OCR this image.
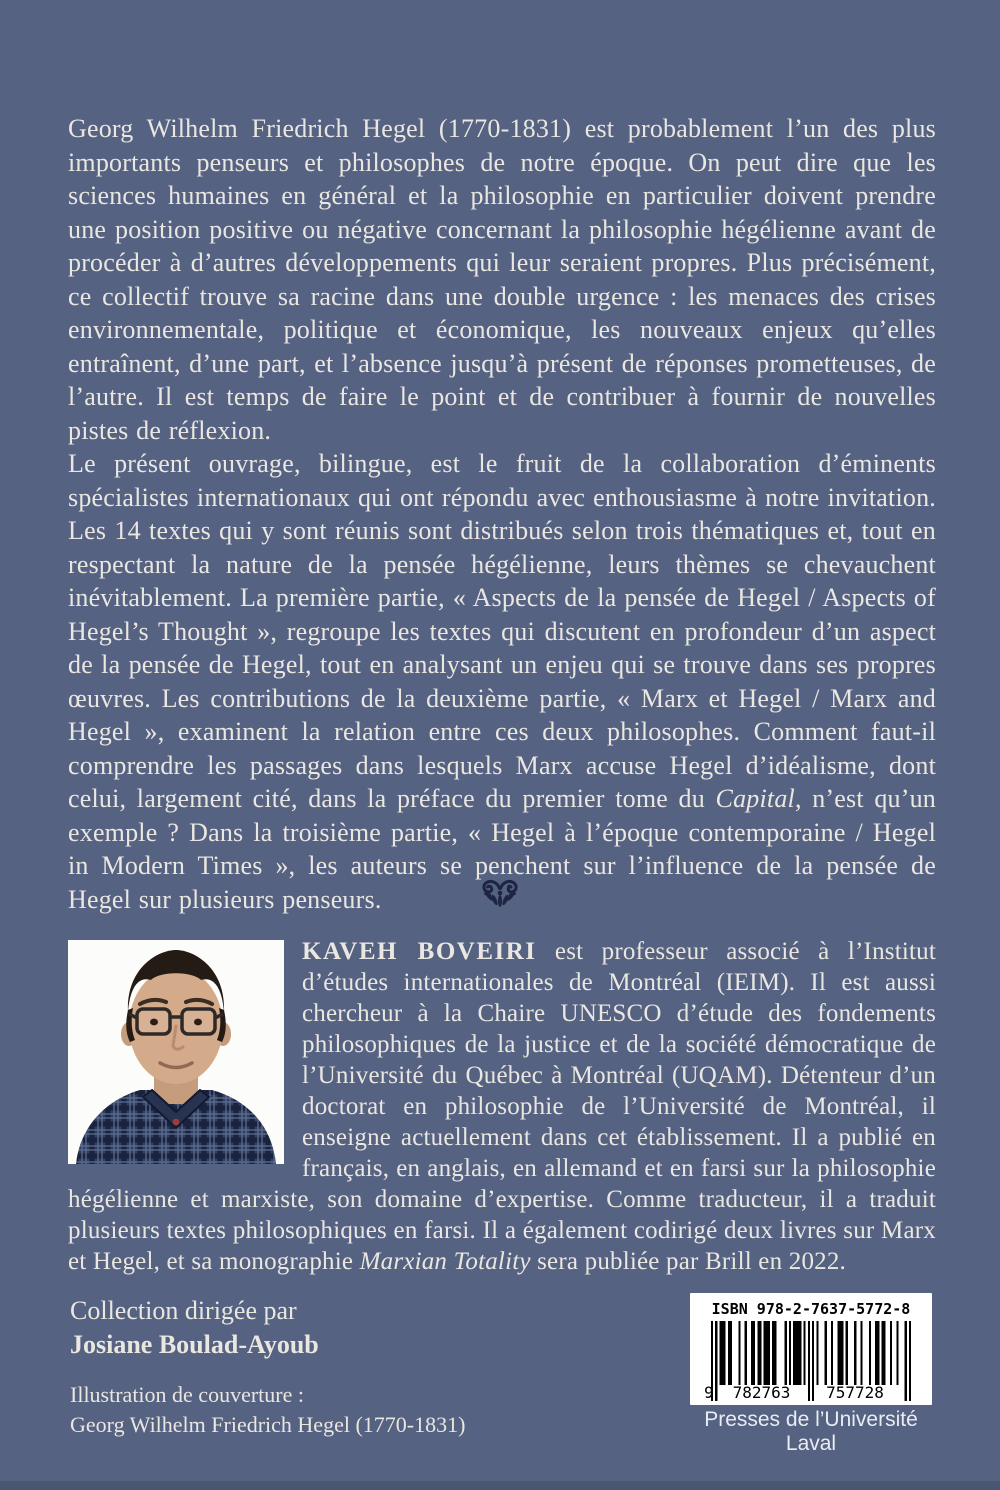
Georg Wilhelm Friedrich Hegel (1770-1831) est probablement l’un des plus importants penseurs et philosophes de notre époque. On peut dire que les sciences humaines en général et la philosophie en particulier doivent prendre une position positive ou négative concernant la philosophie hégélienne avant de procéder à d’autres développements qui leur seraient propres. Plus précisément, ce collectif trouve sa racine dans une double urgence : les menaces des crises environnementale, politique et économique, les nouveaux enjeux qu’elles entraînent, d’une part, et l’absence jusqu’à présent de réponses prometteuses, de l’autre. Il est temps de faire le point et de contribuer à fournir de nouvelles pistes de réflexion.

Le présent ouvrage, bilingue, est le fruit de la collaboration d’éminents spécialistes internationaux qui ont répondu avec enthousiasme à notre invitation. Les 14 textes qui y sont réunis sont distribués selon trois thématiques et, tout en respectant la nature de la pensée hégélienne, leurs thèmes se chevauchent inévitablement. La première partie, « Aspects de la pensée de Hegel / Aspects of Hegel’s Thought », regroupe les textes qui discutent en profondeur d’un aspect de la pensée de Hegel, tout en analysant un enjeu qui se trouve dans ses propres œuvres. Les contributions de la deuxième partie, « Marx et Hegel / Marx and Hegel », examinent la relation entre ces deux philosophes. Comment faut-il comprendre les passages dans lesquels Marx accuse Hegel d’idéalisme, dont celui, largement cité, dans la préface du premier tome du Capital, n’est qu’un exemple ? Dans la troisième partie, « Hegel à l’époque contemporaine / Hegel in Modern Times », les auteurs se penchent sur l’influence de la pensée de Hegel sur plusieurs penseurs.

KAVEH BOVEIRI est professeur associé à l’Institut d’études internationales de Montréal (IEIM). Il est aussi chercheur à la Chaire UNESCO d’étude des fondements philosophiques de la justice et de la société démocratique de l’Université du Québec à Montréal (UQAM). Détenteur d’un doctorat en philosophie de l’Université de Montréal, il enseigne actuellement dans cet établissement. Il a publié en français, en anglais, en allemand et en farsi sur la philosophie hégélienne et marxiste, son domaine d’expertise. Comme traducteur, il a traduit plusieurs textes philosophiques en farsi. Il a également codirigé deux livres sur Marx et Hegel, et sa monographie Marxian Totality sera publiée par Brill en 2022.

Collection dirigée par
Josiane Boulad-Ayoub
Illustration de couverture :
Georg Wilhelm Friedrich Hegel (1770-1831)
ISBN 978-2-7637-5772-8
9	782763	757728
Presses de l’Université Laval
